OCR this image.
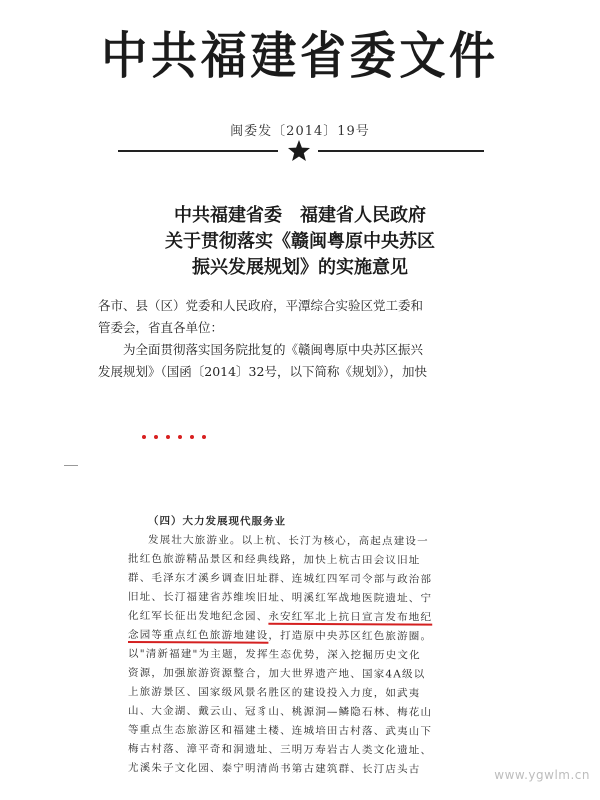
中共福建省委文件
闽委发〔2014〕19号
中共福建省委　福建省人民政府
关于贯彻落实《赣闽粤原中央苏区
振兴发展规划》的实施意见
各市、县（区）党委和人民政府，平潭综合实验区党工委和
管委会，省直各单位：
为全面贯彻落实国务院批复的《赣闽粤原中央苏区振兴
发展规划》（国函〔2014〕32号，以下简称《规划》），加快
（四）大力发展现代服务业
发展壮大旅游业。以上杭、长汀为核心，高起点建设一
批红色旅游精品景区和经典线路，加快上杭古田会议旧址
群、毛泽东才溪乡调查旧址群、连城红四军司令部与政治部
旧址、长汀福建省苏维埃旧址、明溪红军战地医院遗址、宁
化红军长征出发地纪念园、永安红军北上抗日宣言发布地纪
念园等重点红色旅游地建设，打造原中央苏区红色旅游圈。
以"清新福建"为主题，发挥生态优势，深入挖掘历史文化
资源，加强旅游资源整合，加大世界遗产地、国家4A级以
上旅游景区、国家级风景名胜区的建设投入力度，如武夷
山、大金湖、戴云山、冠豸山、桃源洞—鳞隐石林、梅花山
等重点生态旅游区和福建土楼、连城培田古村落、武夷山下
梅古村落、漳平奇和洞遗址、三明万寿岩古人类文化遗址、
尤溪朱子文化园、泰宁明清尚书第古建筑群、长汀店头古	www.ygwlm.cn
